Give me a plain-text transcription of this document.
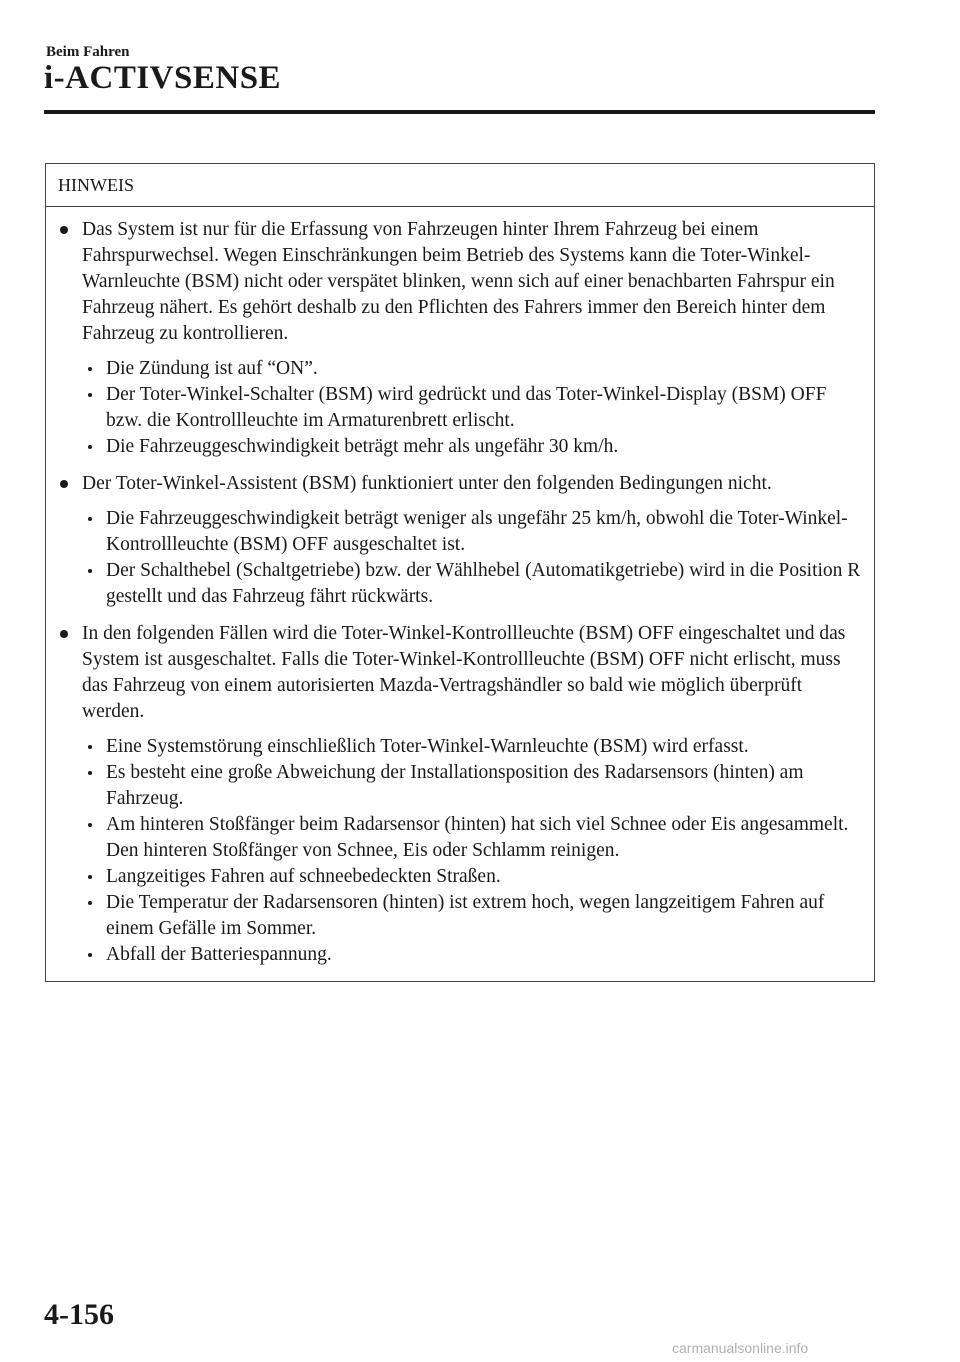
Beim Fahren
i-ACTIVSENSE
HINWEIS
Das System ist nur für die Erfassung von Fahrzeugen hinter Ihrem Fahrzeug bei einem Fahrspurwechsel. Wegen Einschränkungen beim Betrieb des Systems kann die Toter-Winkel-Warnleuchte (BSM) nicht oder verspätet blinken, wenn sich auf einer benachbarten Fahrspur ein Fahrzeug nähert. Es gehört deshalb zu den Pflichten des Fahrers immer den Bereich hinter dem Fahrzeug zu kontrollieren.
Die Zündung ist auf “ON”.
Der Toter-Winkel-Schalter (BSM) wird gedrückt und das Toter-Winkel-Display (BSM) OFF bzw. die Kontrollleuchte im Armaturenbrett erlischt.
Die Fahrzeuggeschwindigkeit beträgt mehr als ungefähr 30 km/h.
Der Toter-Winkel-Assistent (BSM) funktioniert unter den folgenden Bedingungen nicht.
Die Fahrzeuggeschwindigkeit beträgt weniger als ungefähr 25 km/h, obwohl die Toter-Winkel-Kontrollleuchte (BSM) OFF ausgeschaltet ist.
Der Schalthebel (Schaltgetriebe) bzw. der Wählhebel (Automatikgetriebe) wird in die Position R gestellt und das Fahrzeug fährt rückwärts.
In den folgenden Fällen wird die Toter-Winkel-Kontrollleuchte (BSM) OFF eingeschaltet und das System ist ausgeschaltet. Falls die Toter-Winkel-Kontrollleuchte (BSM) OFF nicht erlischt, muss das Fahrzeug von einem autorisierten Mazda-Vertragshändler so bald wie möglich überprüft werden.
Eine Systemstörung einschließlich Toter-Winkel-Warnleuchte (BSM) wird erfasst.
Es besteht eine große Abweichung der Installationsposition des Radarsensors (hinten) am Fahrzeug.
Am hinteren Stoßfänger beim Radarsensor (hinten) hat sich viel Schnee oder Eis angesammelt. Den hinteren Stoßfänger von Schnee, Eis oder Schlamm reinigen.
Langzeitiges Fahren auf schneebedeckten Straßen.
Die Temperatur der Radarsensoren (hinten) ist extrem hoch, wegen langzeitigem Fahren auf einem Gefälle im Sommer.
Abfall der Batteriespannung.
4-156
carmanualsonline.info
